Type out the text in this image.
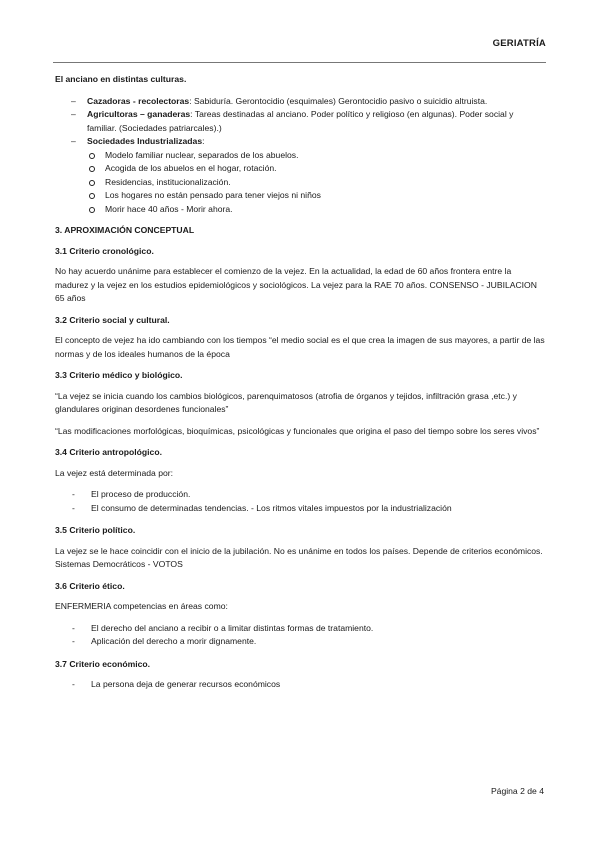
GERIATRÍA

El anciano en distintas culturas.

– Cazadoras - recolectoras: Sabiduría. Gerontocidio (esquimales) Gerontocidio pasivo o suicidio altruista.
– Agricultoras – ganaderas: Tareas destinadas al anciano. Poder político y religioso (en algunas). Poder social y familiar. (Sociedades patriarcales).)
– Sociedades Industrializadas:
Modelo familiar nuclear, separados de los abuelos.
Acogida de los abuelos en el hogar, rotación.
Residencias, institucionalización.
Los hogares no están pensado para tener viejos ni niños
Morir hace 40 años - Morir ahora.

3. APROXIMACIÓN CONCEPTUAL

3.1 Criterio cronológico.

No hay acuerdo unánime para establecer el comienzo de la vejez. En la actualidad, la edad de 60 años frontera entre la madurez y la vejez en los estudios epidemiológicos y sociológicos. La vejez para la RAE 70 años. CONSENSO - JUBILACION 65 años

3.2 Criterio social y cultural.

El concepto de vejez ha ido cambiando con los tiempos “el medio social es el que crea la imagen de sus mayores, a partir de las normas y de los ideales humanos de la época

3.3 Criterio médico y biológico.

“La vejez se inicia cuando los cambios biológicos, parenquimatosos (atrofia de órganos y tejidos, infiltración grasa ,etc.) y glandulares originan desordenes funcionales”

“Las modificaciones morfológicas, bioquímicas, psicológicas y funcionales que origina el paso del tiempo sobre los seres vivos”

3.4 Criterio antropológico.

La vejez está determinada por:

- El proceso de producción.
- El consumo de determinadas tendencias. - Los ritmos vitales impuestos por la industrialización

3.5 Criterio político.

La vejez se le hace coincidir con el inicio de la jubilación. No es unánime en todos los países. Depende de criterios económicos. Sistemas Democráticos - VOTOS

3.6 Criterio ético.

ENFERMERIA competencias en áreas como:

- El derecho del anciano a recibir o a limitar distintas formas de tratamiento.
- Aplicación del derecho a morir dignamente.

3.7 Criterio económico.

- La persona deja de generar recursos económicos
Página 2 de 4
